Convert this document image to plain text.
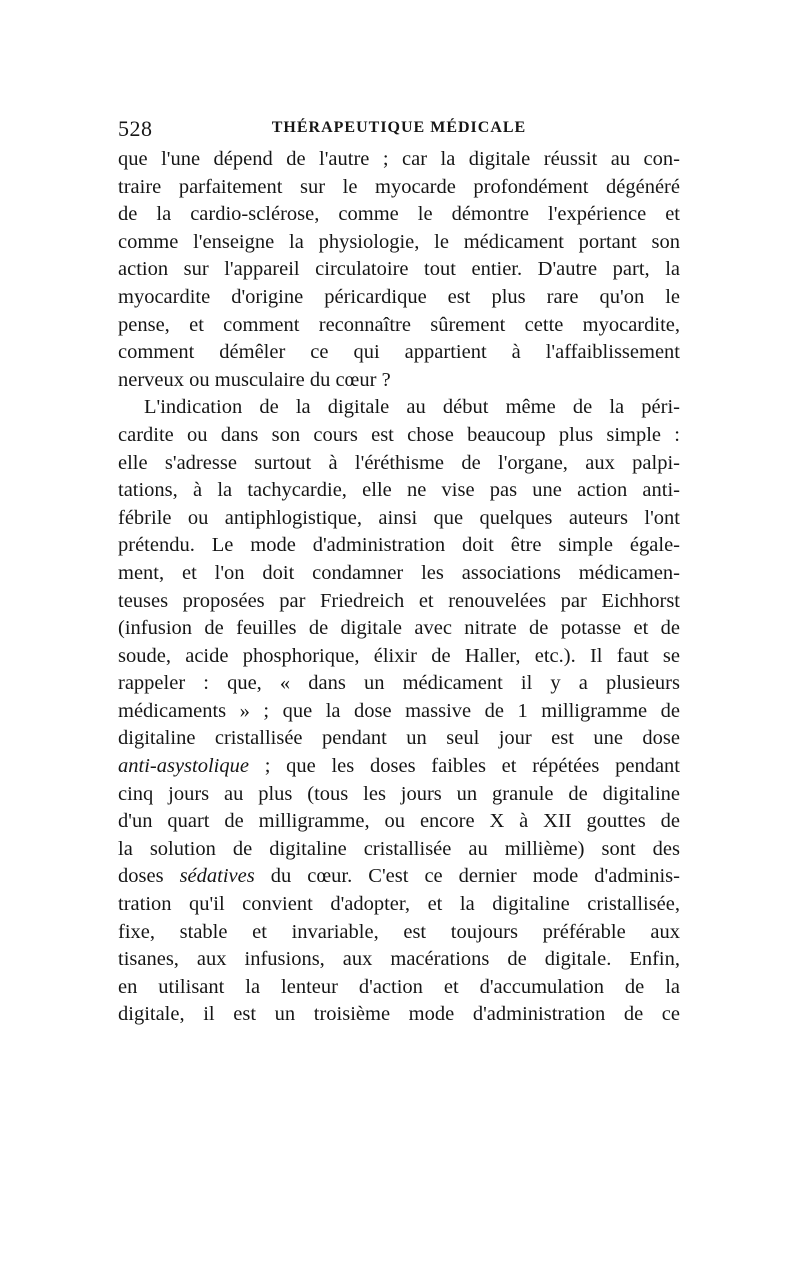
528	THÉRAPEUTIQUE MÉDICALE
que l'une dépend de l'autre ; car la digitale réussit au con-
traire parfaitement sur le myocarde profondément dégénéré
de la cardio-sclérose, comme le démontre l'expérience et
comme l'enseigne la physiologie, le médicament portant son
action sur l'appareil circulatoire tout entier. D'autre part, la
myocardite d'origine péricardique est plus rare qu'on le
pense, et comment reconnaître sûrement cette myocardite,
comment démêler ce qui appartient à l'affaiblissement
nerveux ou musculaire du cœur ?
L'indication de la digitale au début même de la péri-
cardite ou dans son cours est chose beaucoup plus simple :
elle s'adresse surtout à l'éréthisme de l'organe, aux palpi-
tations, à la tachycardie, elle ne vise pas une action anti-
fébrile ou antiphlogistique, ainsi que quelques auteurs l'ont
prétendu. Le mode d'administration doit être simple égale-
ment, et l'on doit condamner les associations médicamen-
teuses proposées par Friedreich et renouvelées par Eichhorst
(infusion de feuilles de digitale avec nitrate de potasse et de
soude, acide phosphorique, élixir de Haller, etc.). Il faut se
rappeler : que, « dans un médicament il y a plusieurs
médicaments » ; que la dose massive de 1 milligramme de
digitaline cristallisée pendant un seul jour est une dose
anti-asystolique ; que les doses faibles et répétées pendant
cinq jours au plus (tous les jours un granule de digitaline
d'un quart de milligramme, ou encore X à XII gouttes de
la solution de digitaline cristallisée au millième) sont des
doses sédatives du cœur. C'est ce dernier mode d'adminis-
tration qu'il convient d'adopter, et la digitaline cristallisée,
fixe, stable et invariable, est toujours préférable aux
tisanes, aux infusions, aux macérations de digitale. Enfin,
en utilisant la lenteur d'action et d'accumulation de la
digitale, il est un troisième mode d'administration de ce
